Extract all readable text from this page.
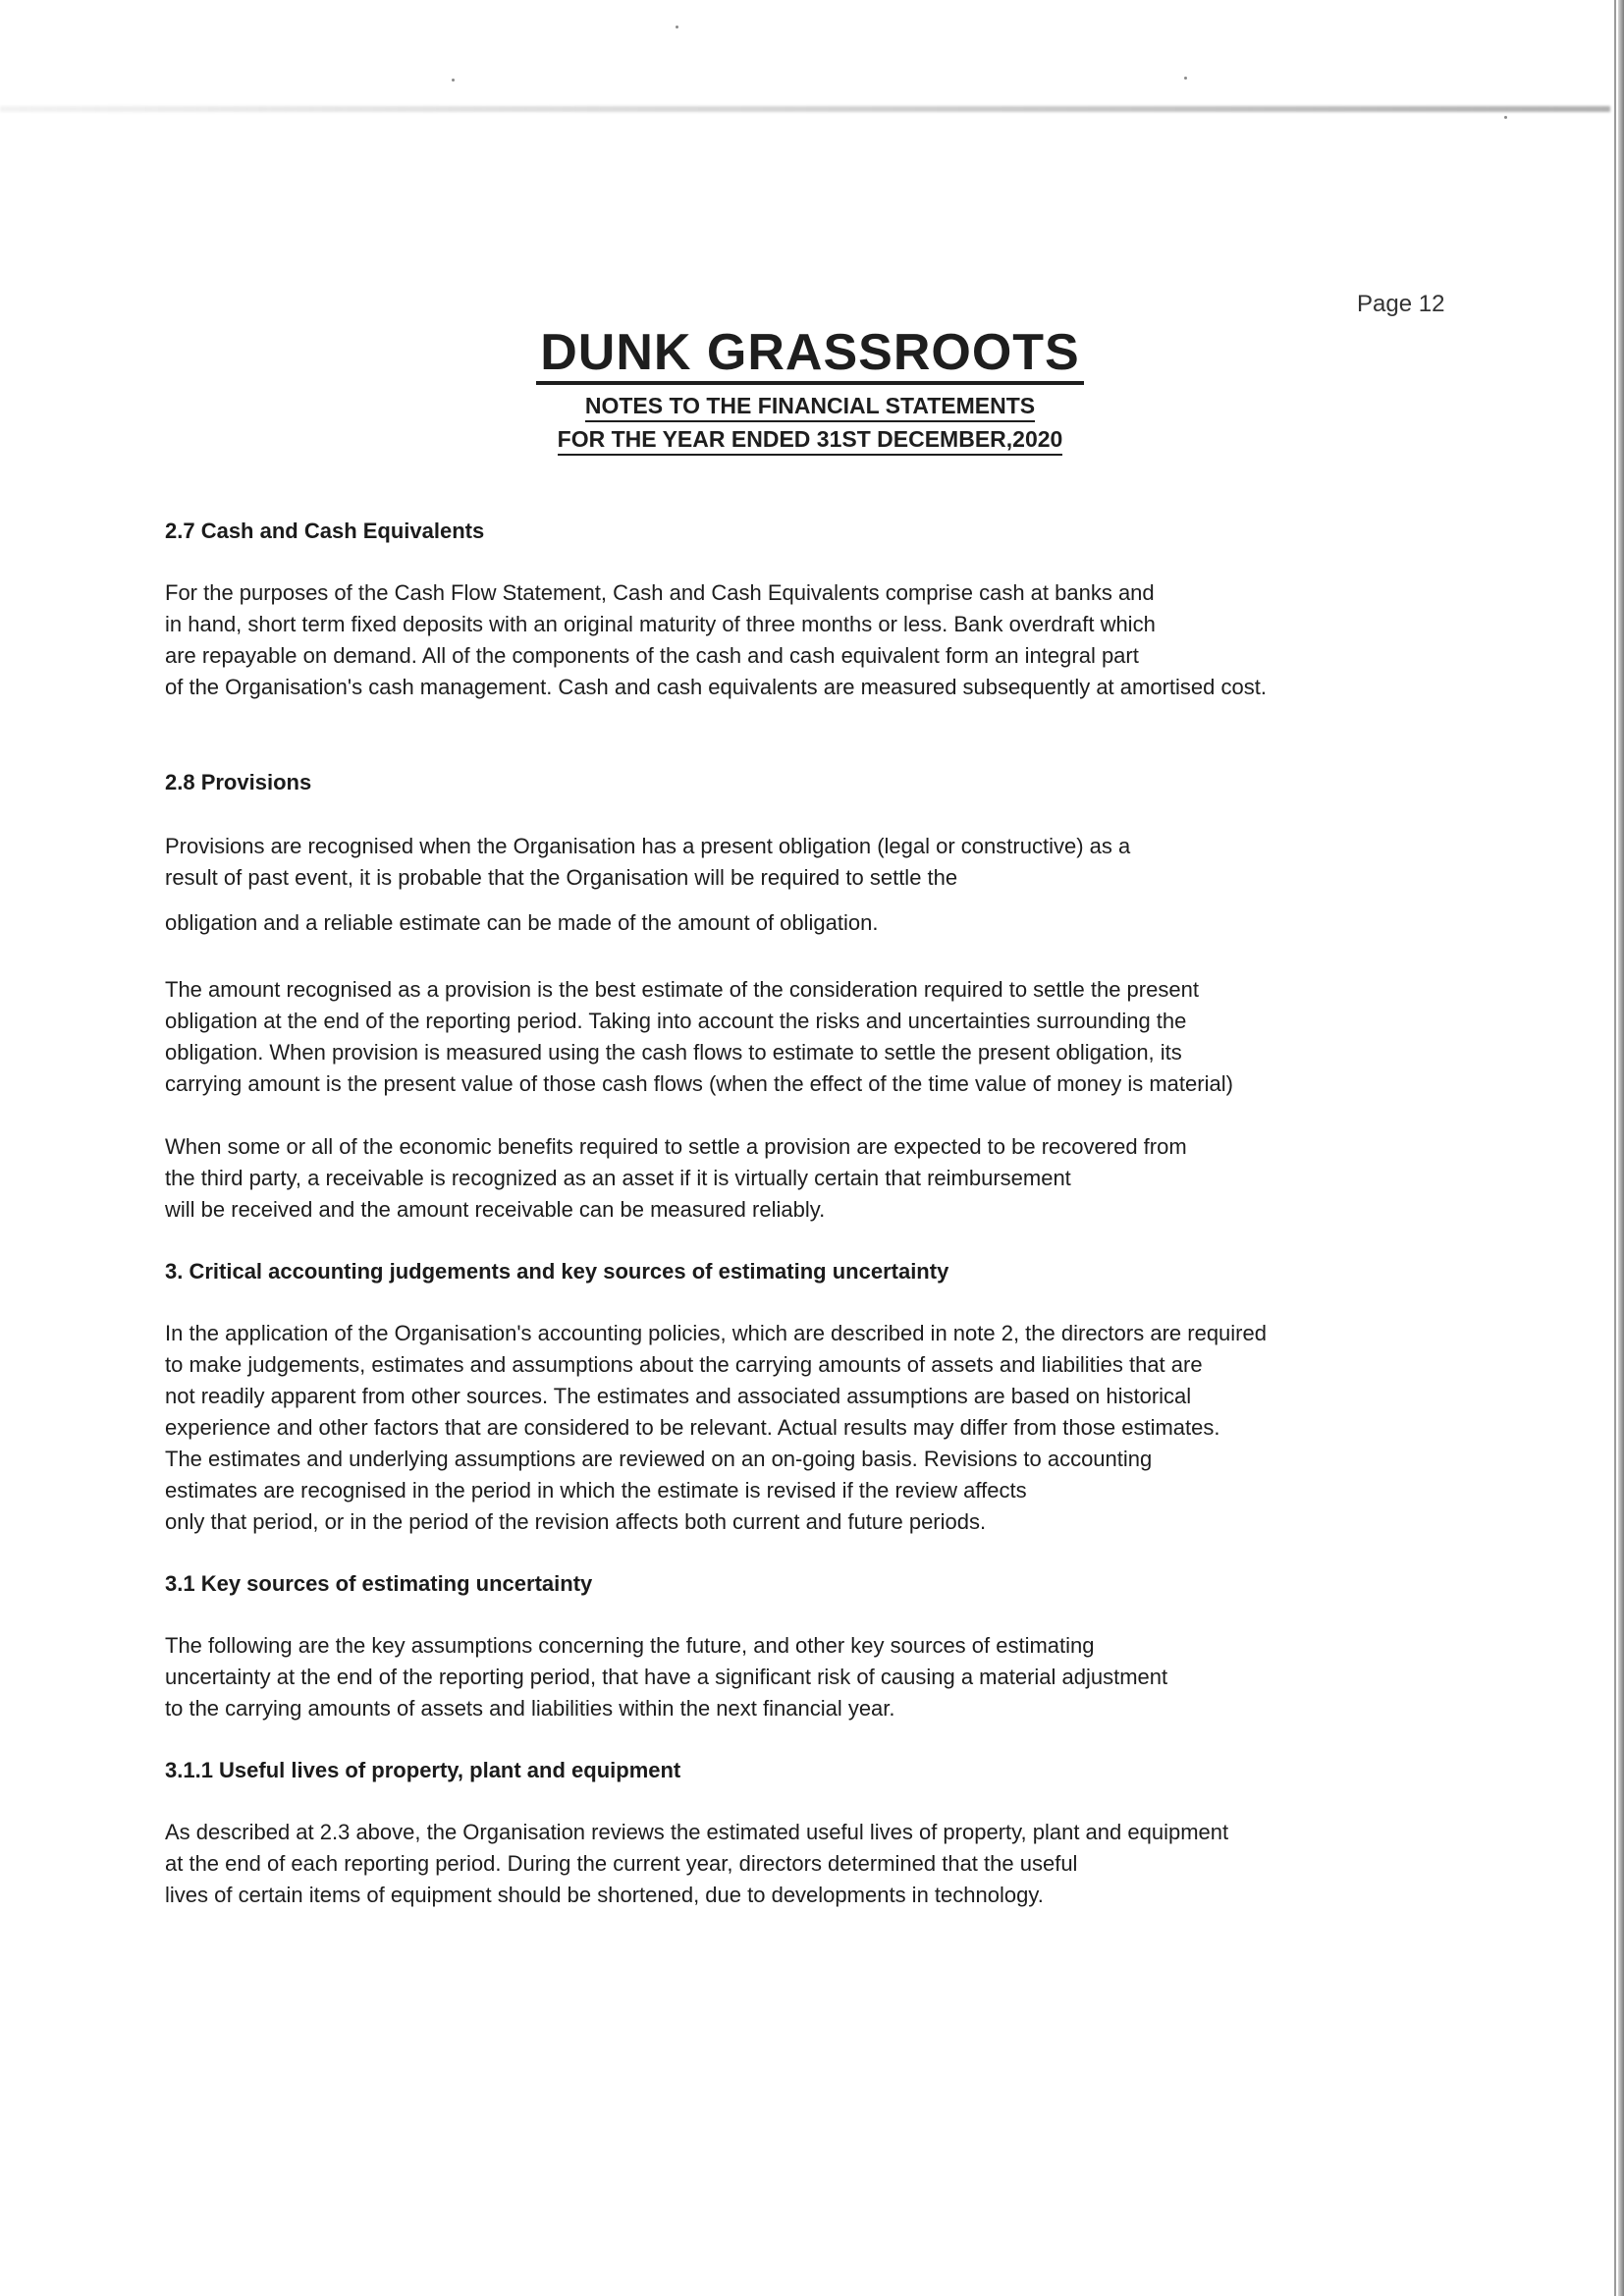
Page 12
DUNK GRASSROOTS
NOTES TO THE FINANCIAL STATEMENTS
FOR THE YEAR ENDED 31ST DECEMBER,2020
2.7 Cash and Cash Equivalents
For the purposes of the Cash Flow Statement, Cash and Cash Equivalents comprise cash at banks and
in hand, short term fixed deposits with an original maturity of three months or less. Bank overdraft which
are repayable on demand. All of the components of the cash and cash equivalent form an integral part
of the Organisation's cash management. Cash and cash equivalents are measured subsequently at amortised cost.
2.8 Provisions
Provisions are recognised when the Organisation has a present obligation (legal or constructive) as a
result of past event, it is probable that the Organisation will be required to settle the
obligation and a reliable estimate can be made of the amount of obligation.
The amount recognised as a provision is the best estimate of the consideration required to settle the present
obligation at the end of the reporting period. Taking into account the risks and uncertainties surrounding the
obligation. When provision is measured using the cash flows to estimate to settle the present obligation, its
carrying amount is the present value of those cash flows (when the effect of the time value of money is material)
When some or all of the economic benefits required to settle a provision are expected to be recovered from
the third party, a receivable is recognized as an asset if it is virtually certain that reimbursement
will be received and the amount receivable can be measured reliably.
3. Critical accounting judgements and key sources of estimating uncertainty
In the application of the Organisation's accounting policies, which are described in note 2, the directors are required
to make judgements, estimates and assumptions about the carrying amounts of assets and liabilities that are
not readily apparent from other sources. The estimates and associated assumptions are based on historical
experience and other factors that are considered to be relevant. Actual results may differ from those estimates.
The estimates and underlying assumptions are reviewed on an on-going basis. Revisions to accounting
estimates are recognised in the period in which the estimate is revised if the review affects
only that period, or in the period of the revision affects both current and future periods.
3.1 Key sources of estimating uncertainty
The following are the key assumptions concerning the future, and other key sources of estimating
uncertainty at the end of the reporting period, that have a significant risk of causing a material adjustment
to the carrying amounts of assets and liabilities within the next financial year.
3.1.1 Useful lives of property, plant and equipment
As described at 2.3 above, the Organisation reviews the estimated useful lives of property, plant and equipment
at the end of each reporting period. During the current year, directors determined that the useful
lives of certain items of equipment should be shortened, due to developments in technology.
